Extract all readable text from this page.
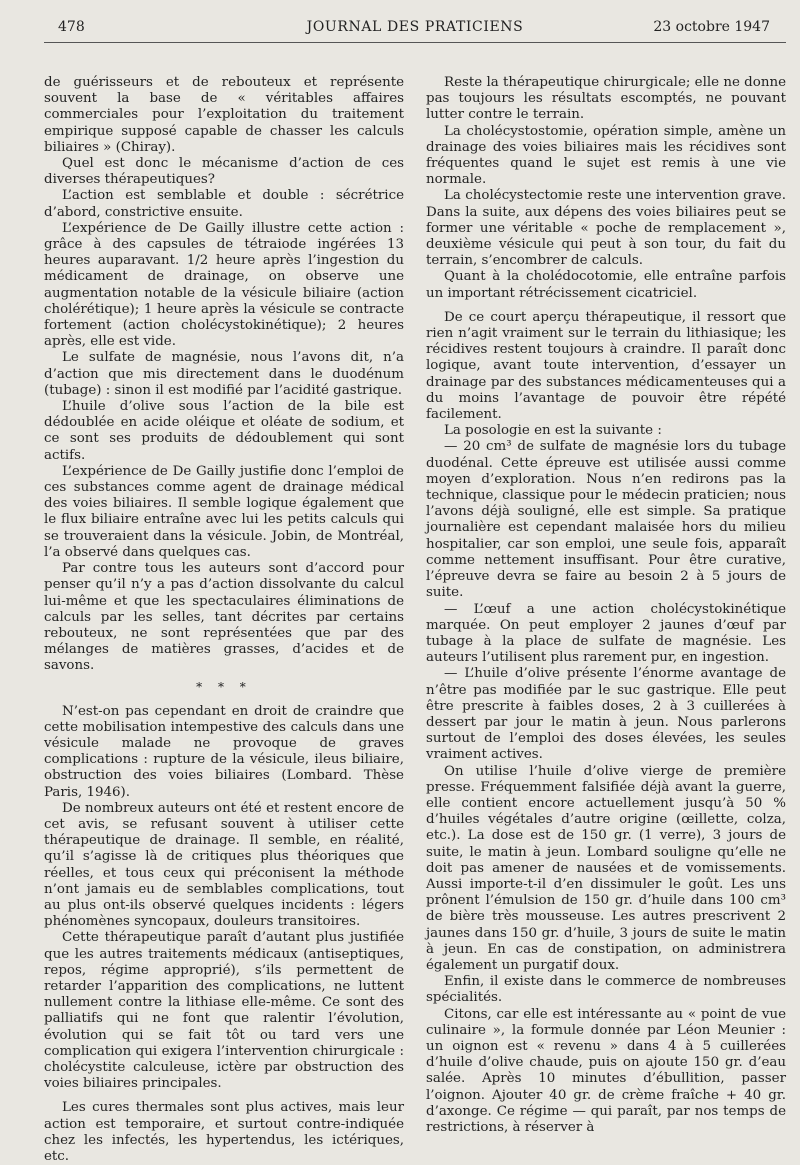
478	JOURNAL DES PRATICIENS	23 octobre 1947

de guérisseurs et de rebouteux et représente souvent la base de « véritables affaires commerciales pour l’exploitation du traitement empirique supposé capable de chasser les calculs biliaires » (Chiray).

Quel est donc le mécanisme d’action de ces diverses thérapeutiques?

L’action est semblable et double : sécrétrice d’abord, constrictive ensuite.

L’expérience de De Gailly illustre cette action : grâce à des capsules de tétraiode ingérées 13 heures auparavant. 1/2 heure après l’ingestion du médicament de drainage, on observe une augmentation notable de la vésicule biliaire (action cholérétique); 1 heure après la vésicule se contracte fortement (action cholécystokinétique); 2 heures après, elle est vide.

Le sulfate de magnésie, nous l’avons dit, n’a d’action que mis directement dans le duodénum (tubage) : sinon il est modifié par l’acidité gastrique.

L’huile d’olive sous l’action de la bile est dédoublée en acide oléique et oléate de sodium, et ce sont ses produits de dédoublement qui sont actifs.

L’expérience de De Gailly justifie donc l’emploi de ces substances comme agent de drainage médical des voies biliaires. Il semble logique également que le flux biliaire entraîne avec lui les petits calculs qui se trouveraient dans la vésicule. Jobin, de Montréal, l’a observé dans quelques cas.

Par contre tous les auteurs sont d’accord pour penser qu’il n’y a pas d’action dissolvante du calcul lui-même et que les spectaculaires éliminations de calculs par les selles, tant décrites par certains rebouteux, ne sont représentées que par des mélanges de matières grasses, d’acides et de savons.

* * *

N’est-on pas cependant en droit de craindre que cette mobilisation intempestive des calculs dans une vésicule malade ne provoque de graves complications : rupture de la vésicule, ileus biliaire, obstruction des voies biliaires (Lombard. Thèse Paris, 1946).

De nombreux auteurs ont été et restent encore de cet avis, se refusant souvent à utiliser cette thérapeutique de drainage. Il semble, en réalité, qu’il s’agisse là de critiques plus théoriques que réelles, et tous ceux qui préconisent la méthode n’ont jamais eu de semblables complications, tout au plus ont-ils observé quelques incidents : légers phénomènes syncopaux, douleurs transitoires.

Cette thérapeutique paraît d’autant plus justifiée que les autres traitements médicaux (antiseptiques, repos, régime approprié), s’ils permettent de retarder l’apparition des complications, ne luttent nullement contre la lithiase elle-même. Ce sont des palliatifs qui ne font que ralentir l’évolution, évolution qui se fait tôt ou tard vers une complication qui exigera l’intervention chirurgicale : cholécystite calculeuse, ictère par obstruction des voies biliaires principales.

Les cures thermales sont plus actives, mais leur action est temporaire, et surtout contre-indiquée chez les infectés, les hypertendus, les ictériques, etc.

Reste la thérapeutique chirurgicale; elle ne donne pas toujours les résultats escomptés, ne pouvant lutter contre le terrain.

La cholécystostomie, opération simple, amène un drainage des voies biliaires mais les récidives sont fréquentes quand le sujet est remis à une vie normale.

La cholécystectomie reste une intervention grave. Dans la suite, aux dépens des voies biliaires peut se former une véritable « poche de remplacement », deuxième vésicule qui peut à son tour, du fait du terrain, s’encombrer de calculs.

Quant à la cholédocotomie, elle entraîne parfois un important rétrécissement cicatriciel.

De ce court aperçu thérapeutique, il ressort que rien n’agit vraiment sur le terrain du lithiasique; les récidives restent toujours à craindre. Il paraît donc logique, avant toute intervention, d’essayer un drainage par des substances médicamenteuses qui a du moins l’avantage de pouvoir être répété facilement.

La posologie en est la suivante :

— 20 cm³ de sulfate de magnésie lors du tubage duodénal. Cette épreuve est utilisée aussi comme moyen d’exploration. Nous n’en redirons pas la technique, classique pour le médecin praticien; nous l’avons déjà souligné, elle est simple. Sa pratique journalière est cependant malaisée hors du milieu hospitalier, car son emploi, une seule fois, apparaît comme nettement insuffisant. Pour être curative, l’épreuve devra se faire au besoin 2 à 5 jours de suite.

— L’œuf a une action cholécystokinétique marquée. On peut employer 2 jaunes d’œuf par tubage à la place de sulfate de magnésie. Les auteurs l’utilisent plus rarement pur, en ingestion.

— L’huile d’olive présente l’énorme avantage de n’être pas modifiée par le suc gastrique. Elle peut être prescrite à faibles doses, 2 à 3 cuillerées à dessert par jour le matin à jeun. Nous parlerons surtout de l’emploi des doses élevées, les seules vraiment actives.

On utilise l’huile d’olive vierge de première presse. Fréquemment falsifiée déjà avant la guerre, elle contient encore actuellement jusqu’à 50 % d’huiles végétales d’autre origine (œillette, colza, etc.). La dose est de 150 gr. (1 verre), 3 jours de suite, le matin à jeun. Lombard souligne qu’elle ne doit pas amener de nausées et de vomissements. Aussi importe-t-il d’en dissimuler le goût. Les uns prônent l’émulsion de 150 gr. d’huile dans 100 cm³ de bière très mousseuse. Les autres prescrivent 2 jaunes dans 150 gr. d’huile, 3 jours de suite le matin à jeun. En cas de constipation, on administrera également un purgatif doux.

Enfin, il existe dans le commerce de nombreuses spécialités.

Citons, car elle est intéressante au « point de vue culinaire », la formule donnée par Léon Meunier : un oignon est « revenu » dans 4 à 5 cuillerées d’huile d’olive chaude, puis on ajoute 150 gr. d’eau salée. Après 10 minutes d’ébullition, passer l’oignon. Ajouter 40 gr. de crème fraîche + 40 gr. d’axonge. Ce régime — qui paraît, par nos temps de restrictions, à réserver à
